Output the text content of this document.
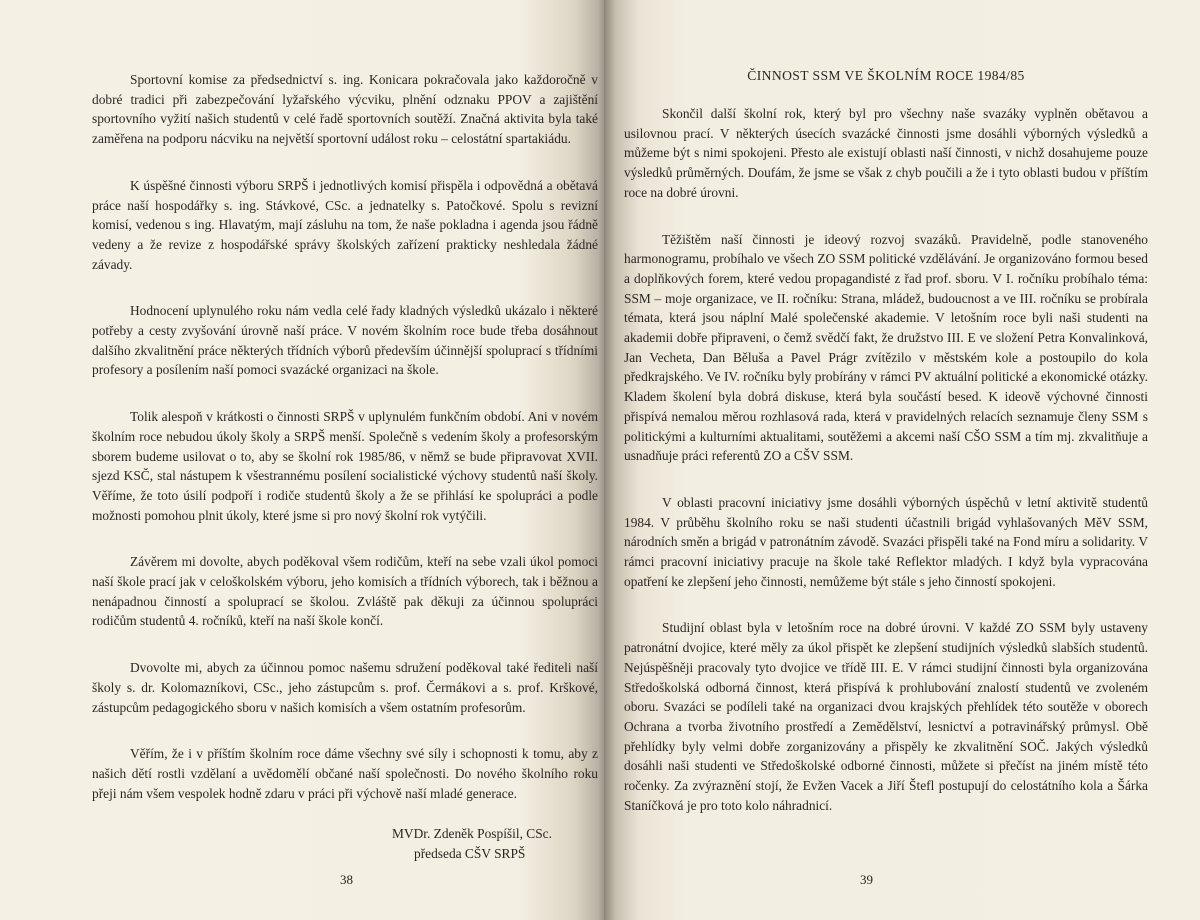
Sportovní komise za předsednictví s. ing. Konicara pokračovala jako každoročně v dobré tradici při zabezpečování lyžařského výcviku, plnění odznaku PPOV a zajištění sportovního vyžití našich studentů v celé řadě sportovních soutěží. Značná aktivita byla také zaměřena na podporu nácviku na největší sportovní událost roku – celostátní spartakiádu.

K úspěšné činnosti výboru SRPŠ i jednotlivých komisí přispěla i odpovědná a obětavá práce naší hospodářky s. ing. Stávkové, CSc. a jednatelky s. Patočkové. Spolu s revizní komisí, vedenou s ing. Hlavatým, mají zásluhu na tom, že naše pokladna i agenda jsou řádně vedeny a že revize z hospodářské správy školských zařízení prakticky neshledala žádné závady.

Hodnocení uplynulého roku nám vedla celé řady kladných výsledků ukázalo i některé potřeby a cesty zvyšování úrovně naší práce. V novém školním roce bude třeba dosáhnout dalšího zkvalitnění práce některých třídních výborů především účinnější spoluprací s třídními profesory a posílením naší pomoci svazácké organizaci na škole.

Tolik alespoň v krátkosti o činnosti SRPŠ v uplynulém funkčním období. Ani v novém školním roce nebudou úkoly školy a SRPŠ menší. Společně s vedením školy a profesorským sborem budeme usilovat o to, aby se školní rok 1985/86, v němž se bude připravovat XVII. sjezd KSČ, stal nástupem k všestrannému posílení socialistické výchovy studentů naší školy. Věříme, že toto úsilí podpoří i rodiče studentů školy a že se přihlásí ke spolupráci a podle možnosti pomohou plnit úkoly, které jsme si pro nový školní rok vytýčili.

Závěrem mi dovolte, abych poděkoval všem rodičům, kteří na sebe vzali úkol pomoci naší škole prací jak v celoškolském výboru, jeho komisích a třídních výborech, tak i běžnou a nenápadnou činností a spoluprací se školou. Zvláště pak děkuji za účinnou spolupráci rodičům studentů 4. ročníků, kteří na naší škole končí.

Dvovolte mi, abych za účinnou pomoc našemu sdružení poděkoval také řediteli naší školy s. dr. Kolomazníkovi, CSc., jeho zástupcům s. prof. Čermákovi a s. prof. Krškové, zástupcům pedagogického sboru v našich komisích a všem ostatním profesorům.

Věřím, že i v příštím školním roce dáme všechny své síly i schopnosti k tomu, aby z našich dětí rostli vzdělaní a uvědomělí občané naší společnosti. Do nového školního roku přeji nám všem vespolek hodně zdaru v práci při výchově naší mladé generace.

MVDr. Zdeněk Pospíšil, CSc.
předseda CŠV SRPŠ
38
ČINNOST SSM VE ŠKOLNÍM ROCE 1984/85

Skončil další školní rok, který byl pro všechny naše svazáky vyplněn obětavou a usilovnou prací. V některých úsecích svazácké činnosti jsme dosáhli výborných výsledků a můžeme být s nimi spokojeni. Přesto ale existují oblasti naší činnosti, v nichž dosahujeme pouze výsledků průměrných. Doufám, že jsme se však z chyb poučili a že i tyto oblasti budou v příštím roce na dobré úrovni.

Těžištěm naší činnosti je ideový rozvoj svazáků. Pravidelně, podle stanoveného harmonogramu, probíhalo ve všech ZO SSM politické vzdělávání. Je organizováno formou besed a doplňkových forem, které vedou propagandisté z řad prof. sboru. V I. ročníku probíhalo téma: SSM – moje organizace, ve II. ročníku: Strana, mládež, budoucnost a ve III. ročníku se probírala témata, která jsou náplní Malé společenské akademie. V letošním roce byli naši studenti na akademii dobře připraveni, o čemž svědčí fakt, že družstvo III. E ve složení Petra Konvalinková, Jan Vecheta, Dan Běluša a Pavel Prágr zvítězilo v městském kole a postoupilo do kola předkrajského. Ve IV. ročníku byly probírány v rámci PV aktuální politické a ekonomické otázky. Kladem školení byla dobrá diskuse, která byla součástí besed. K ideově výchovné činnosti přispívá nemalou měrou rozhlasová rada, která v pravidelných relacích seznamuje členy SSM s politickými a kulturními aktualitami, soutěžemi a akcemi naší CŠO SSM a tím mj. zkvalitňuje a usnadňuje práci referentů ZO a CŠV SSM.

V oblasti pracovní iniciativy jsme dosáhli výborných úspěchů v letní aktivitě studentů 1984. V průběhu školního roku se naši studenti účastnili brigád vyhlašovaných MěV SSM, národních směn a brigád v patronátním závodě. Svazáci přispěli také na Fond míru a solidarity. V rámci pracovní iniciativy pracuje na škole také Reflektor mladých. I když byla vypracována opatření ke zlepšení jeho činnosti, nemůžeme být stále s jeho činností spokojeni.

Studijní oblast byla v letošním roce na dobré úrovni. V každé ZO SSM byly ustaveny patronátní dvojice, které měly za úkol přispět ke zlepšení studijních výsledků slabších studentů. Nejúspěšněji pracovaly tyto dvojice ve třídě III. E. V rámci studijní činnosti byla organizována Středoškolská odborná činnost, která přispívá k prohlubování znalostí studentů ve zvoleném oboru. Svazáci se podíleli také na organizaci dvou krajských přehlídek této soutěže v oborech Ochrana a tvorba životního prostředí a Zemědělství, lesnictví a potravinářský průmysl. Obě přehlídky byly velmi dobře zorganizovány a přispěly ke zkvalitnění SOČ. Jakých výsledků dosáhli naši studenti ve Středoškolské odborné činnosti, můžete si přečíst na jiném místě této ročenky. Za zvýraznění stojí, že Evžen Vacek a Jiří Štefl postupují do celostátního kola a Šárka Staníčková je pro toto kolo náhradnicí.

39
